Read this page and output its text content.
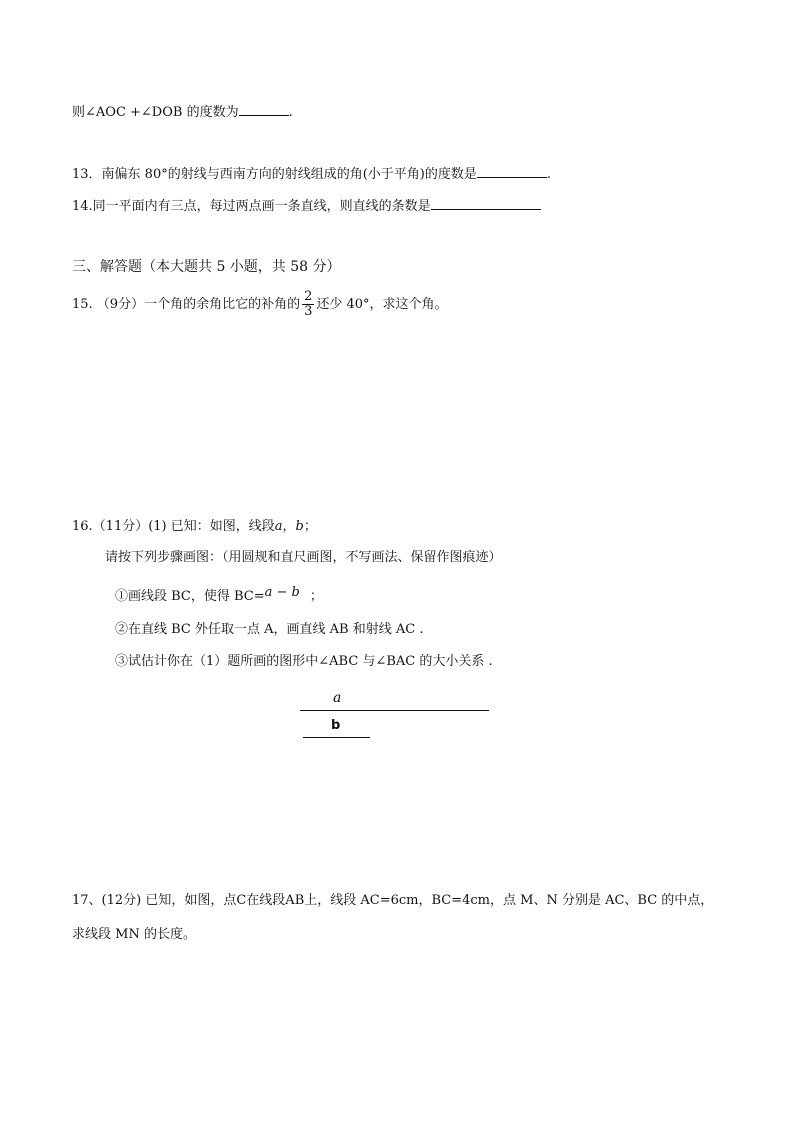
则∠AOC +∠DOB 的度数为	.
13．南偏东 80°的射线与西南方向的射线组成的角(小于平角)的度数是	.
14.同一平面内有三点，每过两点画一条直线，则直线的条数是
三、解答题（本大题共 5 小题，共 58 分）
15. （9分）一个角的余角比它的补角的 $\frac{2}{3}$ 还少 40°，求这个角。
16.（11分）(1) 已知：如图，线段a，b；
请按下列步骤画图：（用圆规和直尺画图，不写画法、保留作图痕迹）
①画线段 BC，使得 BC=a − b ；
②在直线 BC 外任取一点 A，画直线 AB 和射线 AC .
③试估计你在（1）题所画的图形中∠ABC 与∠BAC 的大小关系 .
a
b
17、(12分) 已知，如图，点C在线段AB上，线段 AC=6cm，BC=4cm，点 M、N 分别是 AC、BC 的中点，
求线段 MN 的长度。
